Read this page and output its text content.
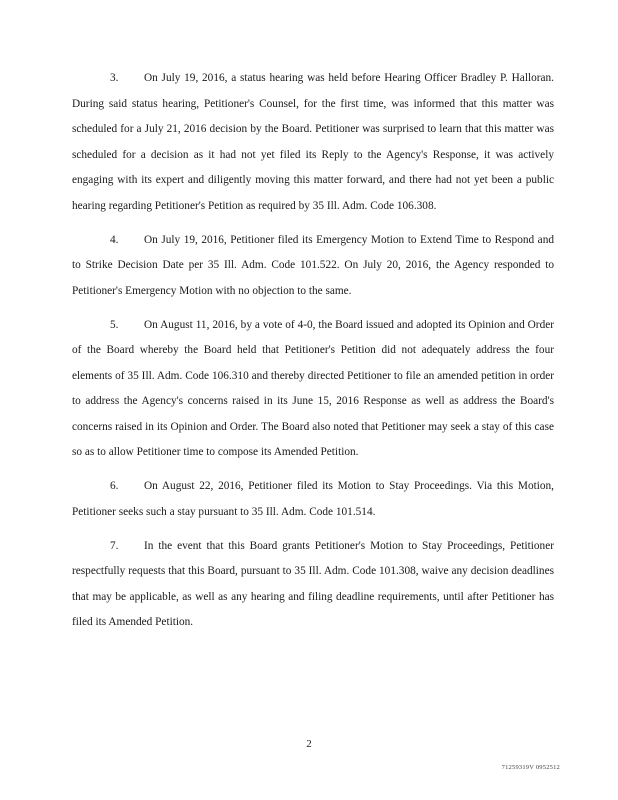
3. On July 19, 2016, a status hearing was held before Hearing Officer Bradley P. Halloran. During said status hearing, Petitioner's Counsel, for the first time, was informed that this matter was scheduled for a July 21, 2016 decision by the Board. Petitioner was surprised to learn that this matter was scheduled for a decision as it had not yet filed its Reply to the Agency's Response, it was actively engaging with its expert and diligently moving this matter forward, and there had not yet been a public hearing regarding Petitioner's Petition as required by 35 Ill. Adm. Code 106.308.

4. On July 19, 2016, Petitioner filed its Emergency Motion to Extend Time to Respond and to Strike Decision Date per 35 Ill. Adm. Code 101.522. On July 20, 2016, the Agency responded to Petitioner's Emergency Motion with no objection to the same.

5. On August 11, 2016, by a vote of 4-0, the Board issued and adopted its Opinion and Order of the Board whereby the Board held that Petitioner's Petition did not adequately address the four elements of 35 Ill. Adm. Code 106.310 and thereby directed Petitioner to file an amended petition in order to address the Agency's concerns raised in its June 15, 2016 Response as well as address the Board's concerns raised in its Opinion and Order. The Board also noted that Petitioner may seek a stay of this case so as to allow Petitioner time to compose its Amended Petition.

6. On August 22, 2016, Petitioner filed its Motion to Stay Proceedings. Via this Motion, Petitioner seeks such a stay pursuant to 35 Ill. Adm. Code 101.514.

7. In the event that this Board grants Petitioner's Motion to Stay Proceedings, Petitioner respectfully requests that this Board, pursuant to 35 Ill. Adm. Code 101.308, waive any decision deadlines that may be applicable, as well as any hearing and filing deadline requirements, until after Petitioner has filed its Amended Petition.

2
71259319V 0952512
